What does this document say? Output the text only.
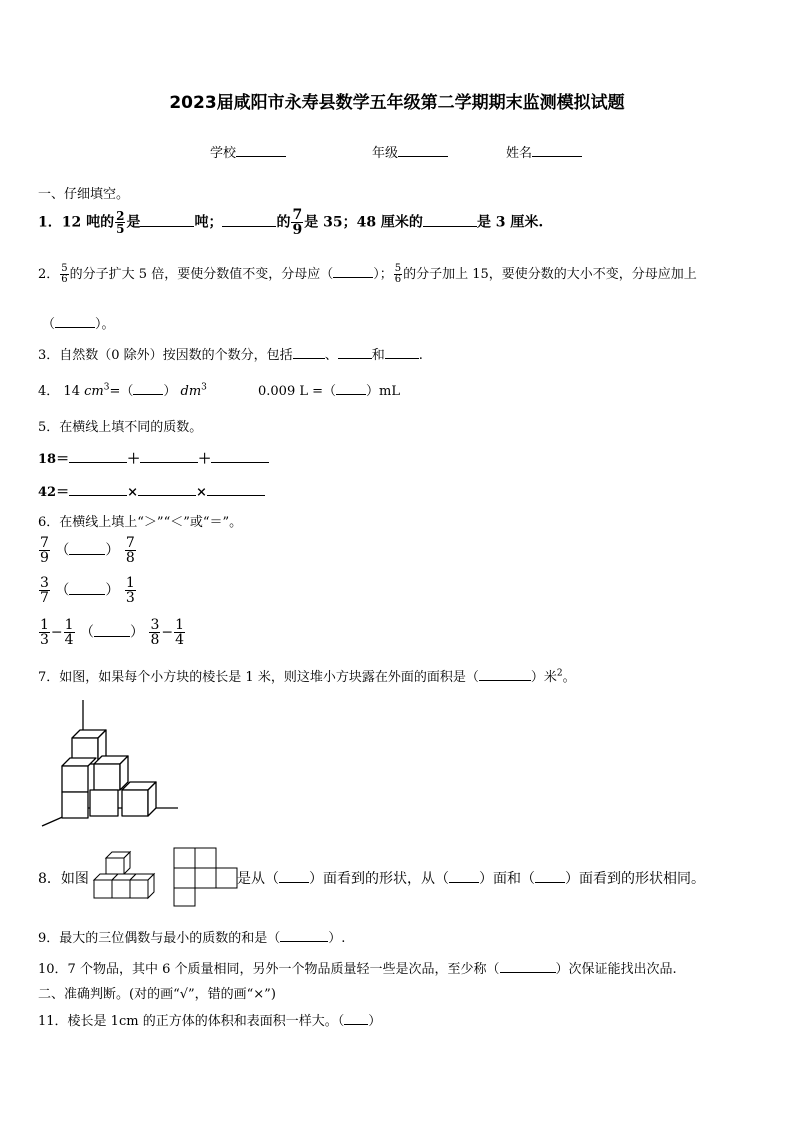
2023届咸阳市永寿县数学五年级第二学期期末监测模拟试题
学校	年级	姓名
一、仔细填空。
1．12 吨的 $\frac{2}{5}$ 是	吨；	的 $\frac{7}{9}$ 是 35；48 厘米的	是 3 厘米.
2． $\frac{5}{6}$ 的分子扩大 5 倍，要使分数值不变，分母应（	）； $\frac{5}{6}$ 的分子加上 15，要使分数的大小不变，分母应加上
（	）。
3．自然数（0 除外）按因数的个数分，包括 、	和	.
4． 14 $cm^3=$（ ） $dm^3$	0.009 L =（ ）mL
5．在横线上填不同的质数。
18＝	＋	＋
42＝	×	×
6．在横线上填上“＞”“＜”或“＝”。
$\frac{7}{9}$ （	） $\frac{7}{8}$
$\frac{3}{7}$ （	） $\frac{1}{3}$
$\frac{1}{3} - \frac{1}{4}$ （	） $\frac{3}{8} - \frac{1}{4}$
7．如图，如果每个小方块的棱长是 1 米，则这堆小方块露在外面的面积是（	）米$^2$。
8．如图	是从（ ）面看到的形状，从（ ）面和（ ）面看到的形状相同。
9．最大的三位偶数与最小的质数的和是（	）.
10．7 个物品，其中 6 个质量相同，另外一个物品质量轻一些是次品，至少称（	）次保证能找出次品.
二、准确判断。(对的画“√”，错的画“×”)
11．棱长是 1cm 的正方体的体积和表面积一样大。（ ）
